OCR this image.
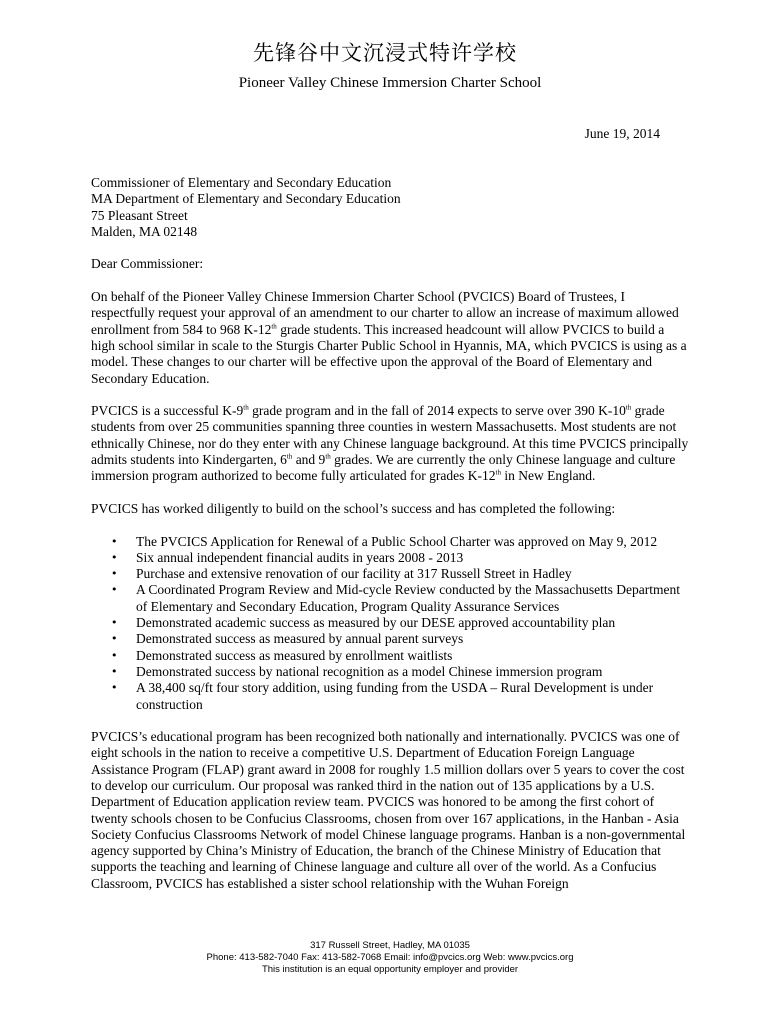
先锋谷中文沉浸式特许学校
Pioneer Valley Chinese Immersion Charter School
June 19, 2014

Commissioner of Elementary and Secondary Education
MA Department of Elementary and Secondary Education
75 Pleasant Street
Malden, MA 02148

Dear Commissioner:

On behalf of the Pioneer Valley Chinese Immersion Charter School (PVCICS) Board of Trustees, I respectfully request your approval of an amendment to our charter to allow an increase of maximum allowed enrollment from 584 to 968 K-12th grade students. This increased headcount will allow PVCICS to build a high school similar in scale to the Sturgis Charter Public School in Hyannis, MA, which PVCICS is using as a model. These changes to our charter will be effective upon the approval of the Board of Elementary and Secondary Education.

PVCICS is a successful K-9th grade program and in the fall of 2014 expects to serve over 390 K-10th grade students from over 25 communities spanning three counties in western Massachusetts. Most students are not ethnically Chinese, nor do they enter with any Chinese language background. At this time PVCICS principally admits students into Kindergarten, 6th and 9th grades. We are currently the only Chinese language and culture immersion program authorized to become fully articulated for grades K-12th in New England.

PVCICS has worked diligently to build on the school’s success and has completed the following:

• The PVCICS Application for Renewal of a Public School Charter was approved on May 9, 2012
• Six annual independent financial audits in years 2008 - 2013
• Purchase and extensive renovation of our facility at 317 Russell Street in Hadley
• A Coordinated Program Review and Mid-cycle Review conducted by the Massachusetts Department of Elementary and Secondary Education, Program Quality Assurance Services
• Demonstrated academic success as measured by our DESE approved accountability plan
• Demonstrated success as measured by annual parent surveys
• Demonstrated success as measured by enrollment waitlists
• Demonstrated success by national recognition as a model Chinese immersion program
• A 38,400 sq/ft four story addition, using funding from the USDA – Rural Development is under construction

PVCICS’s educational program has been recognized both nationally and internationally. PVCICS was one of eight schools in the nation to receive a competitive U.S. Department of Education Foreign Language Assistance Program (FLAP) grant award in 2008 for roughly 1.5 million dollars over 5 years to cover the cost to develop our curriculum. Our proposal was ranked third in the nation out of 135 applications by a U.S. Department of Education application review team. PVCICS was honored to be among the first cohort of twenty schools chosen to be Confucius Classrooms, chosen from over 167 applications, in the Hanban - Asia Society Confucius Classrooms Network of model Chinese language programs. Hanban is a non-governmental agency supported by China’s Ministry of Education, the branch of the Chinese Ministry of Education that supports the teaching and learning of Chinese language and culture all over of the world. As a Confucius Classroom, PVCICS has established a sister school relationship with the Wuhan Foreign

317 Russell Street, Hadley, MA 01035
Phone: 413-582-7040 Fax: 413-582-7068 Email: info@pvcics.org Web: www.pvcics.org
This institution is an equal opportunity employer and provider
